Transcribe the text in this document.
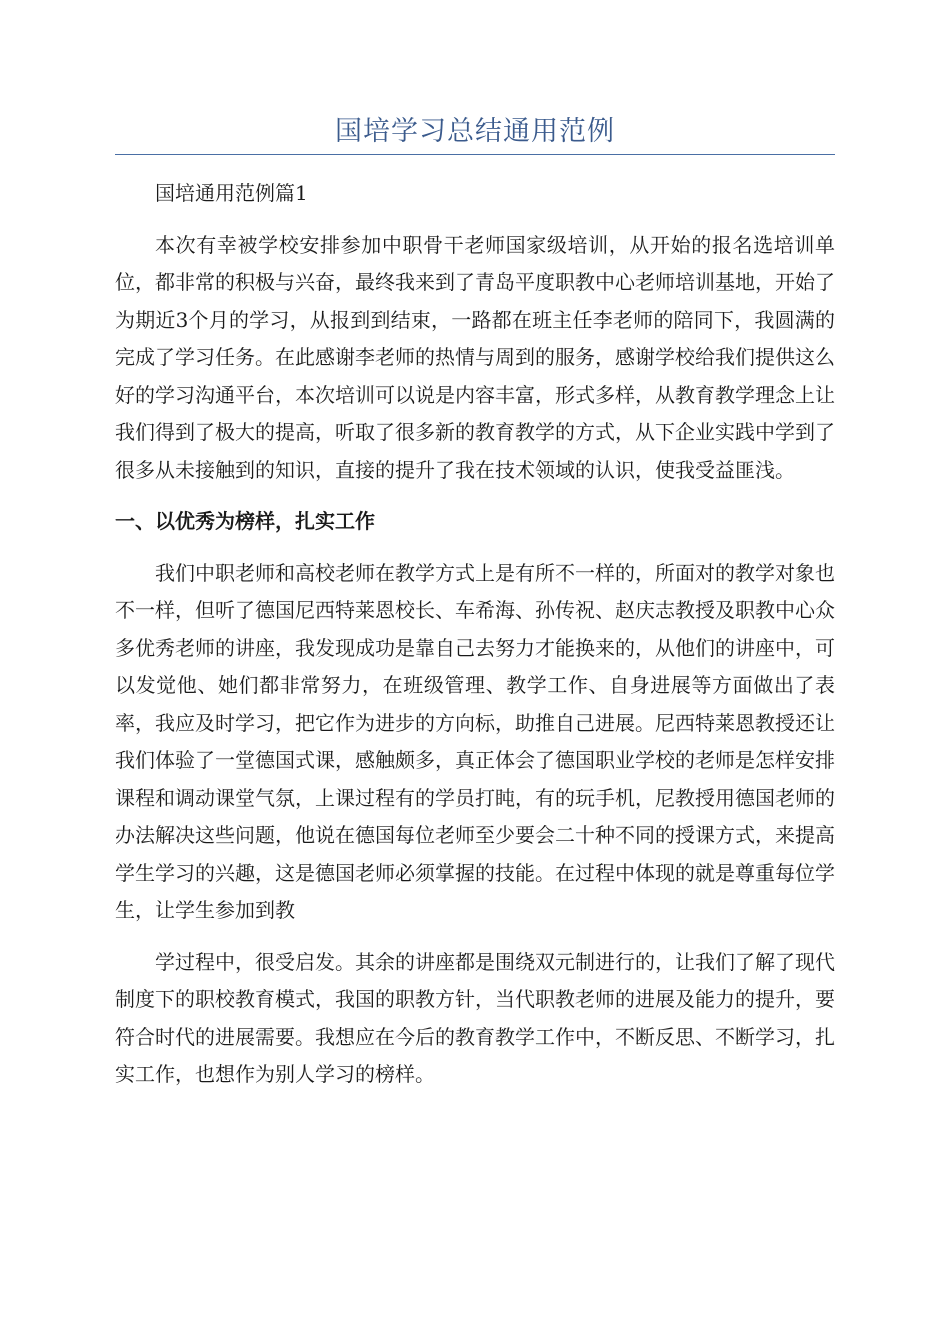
国培学习总结通用范例

国培通用范例篇1

本次有幸被学校安排参加中职骨干老师国家级培训，从开始的报名选培训单位，都非常的积极与兴奋，最终我来到了青岛平度职教中心老师培训基地，开始了为期近3个月的学习，从报到到结束，一路都在班主任李老师的陪同下，我圆满的完成了学习任务。在此感谢李老师的热情与周到的服务，感谢学校给我们提供这么好的学习沟通平台，本次培训可以说是内容丰富，形式多样，从教育教学理念上让我们得到了极大的提高，听取了很多新的教育教学的方式，从下企业实践中学到了很多从未接触到的知识，直接的提升了我在技术领域的认识，使我受益匪浅。

一、以优秀为榜样，扎实工作

我们中职老师和高校老师在教学方式上是有所不一样的，所面对的教学对象也不一样，但听了德国尼西特莱恩校长、车希海、孙传祝、赵庆志教授及职教中心众多优秀老师的讲座，我发现成功是靠自己去努力才能换来的，从他们的讲座中，可以发觉他、她们都非常努力，在班级管理、教学工作、自身进展等方面做出了表率，我应及时学习，把它作为进步的方向标，助推自己进展。尼西特莱恩教授还让我们体验了一堂德国式课，感触颇多，真正体会了德国职业学校的老师是怎样安排课程和调动课堂气氛，上课过程有的学员打盹，有的玩手机，尼教授用德国老师的办法解决这些问题，他说在德国每位老师至少要会二十种不同的授课方式，来提高学生学习的兴趣，这是德国老师必须掌握的技能。在过程中体现的就是尊重每位学生，让学生参加到教

学过程中，很受启发。其余的讲座都是围绕双元制进行的，让我们了解了现代制度下的职校教育模式，我国的职教方针，当代职教老师的进展及能力的提升，要符合时代的进展需要。我想应在今后的教育教学工作中，不断反思、不断学习，扎实工作，也想作为别人学习的榜样。
